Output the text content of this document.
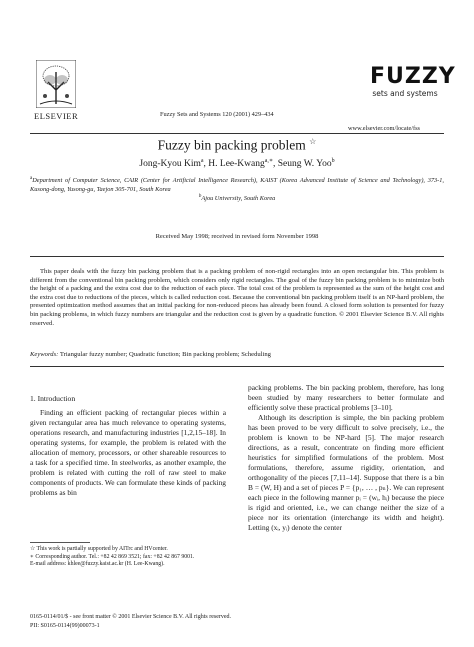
ELSEVIER	Fuzzy Sets and Systems 120 (2001) 429–434
FUZZY
sets and systems
www.elsevier.com/locate/fss
Fuzzy bin packing problem ☆
Jong-Kyou Kim$^a$, H. Lee-Kwang$^{a,∗}$, Seung W. Yoo$^b$
$^a$Department of Computer Science, CAIR (Center for Artificial Intelligence Research), KAIST (Korea Advanced Institute of Science and Technology), 373-1, Kusong-dong, Yusong-gu, Taejon 305-701, South Korea
$^b$Ajou University, South Korea
Received May 1998; received in revised form November 1998

This paper deals with the fuzzy bin packing problem that is a packing problem of non-rigid rectangles into an open rectangular bin. This problem is different from the conventional bin packing problem, which considers only rigid rectangles. The goal of the fuzzy bin packing problem is to minimize both the height of a packing and the extra cost due to the reduction of each piece. The total cost of the problem is represented as the sum of the height cost and the extra cost due to reductions of the pieces, which is called reduction cost. Because the conventional bin packing problem itself is an NP-hard problem, the presented optimization method assumes that an initial packing for non-reduced pieces has already been found. A closed form solution is presented for fuzzy bin packing problems, in which fuzzy numbers are triangular and the reduction cost is given by a quadratic function. © 2001 Elsevier Science B.V. All rights reserved.

Keywords: Triangular fuzzy number; Quadratic function; Bin packing problem; Scheduling
1. Introduction

Finding an efficient packing of rectangular pieces within a given rectangular area has much relevance to operating systems, operations research, and manufacturing industries [1,2,15–18]. In operating systems, for example, the problem is related with the allocation of memory, processors, or other shareable resources to a task for a specified time. In steelworks, as another example, the problem is related with cutting the roll of raw steel to make components of products. We can formulate these kinds of packing problems as bin

packing problems. The bin packing problem, therefore, has long been studied by many researchers to better formulate and efficiently solve these practical problems [3–10].

Although its description is simple, the bin packing problem has been proved to be very difficult to solve precisely, i.e., the problem is known to be NP-hard [5]. The major research directions, as a result, concentrate on finding more efficient heuristics for simplified formulations of the problem. Most formulations, therefore, assume rigidity, orientation, and orthogonality of the pieces [7,11–14]. Suppose that there is a bin B = (W, H) and a set of pieces P = {p₁, … , pₙ}. We can represent each piece in the following manner pᵢ = (wᵢ, hᵢ) because the piece is rigid and oriented, i.e., we can change neither the size of a piece nor its orientation (interchange its width and height). Letting (xᵢ, yᵢ) denote the center

☆ This work is partially supported by AITrc and HVcenter.

∗ Corresponding author. Tel.: +82 42 869 3521; fax: +82 42 867 9001.

E-mail address: khlee@fuzzy.kaist.ac.kr (H. Lee-Kwang).

0165-0114/01/$ - see front matter © 2001 Elsevier Science B.V. All rights reserved.
PII: S0165-0114(99)00073-1
